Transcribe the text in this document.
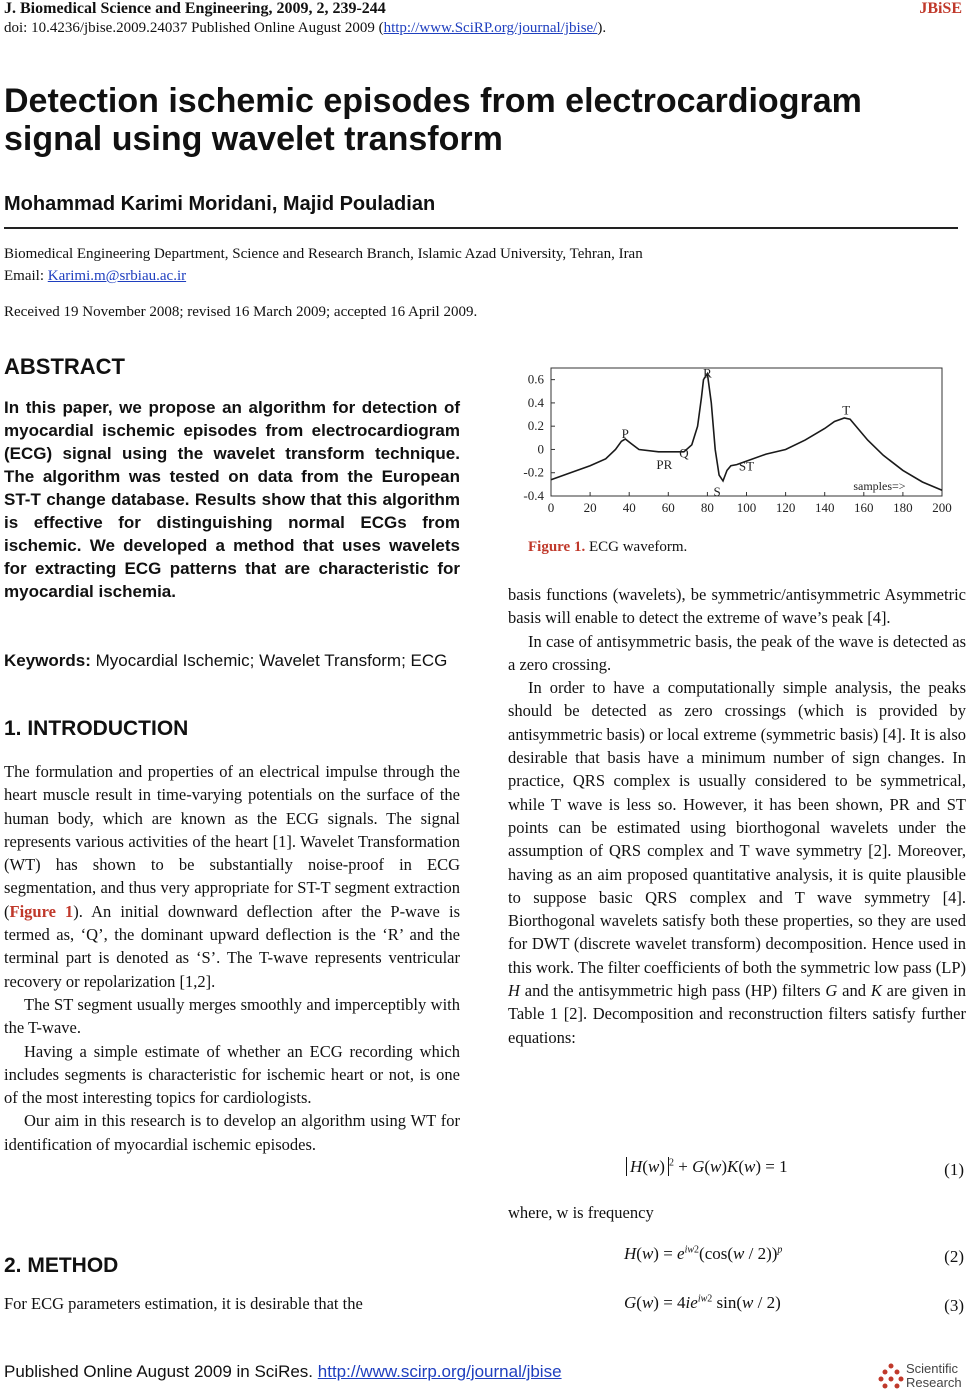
J. Biomedical Science and Engineering, 2009, 2, 239-244	JBiSE
doi: 10.4236/jbise.2009.24037 Published Online August 2009 (http://www.SciRP.org/journal/jbise/).
Detection ischemic episodes from electrocardiogram signal using wavelet transform
Mohammad Karimi Moridani, Majid Pouladian
Biomedical Engineering Department, Science and Research Branch, Islamic Azad University, Tehran, Iran
Email: Karimi.m@srbiau.ac.ir
Received 19 November 2008; revised 16 March 2009; accepted 16 April 2009.
ABSTRACT
In this paper, we propose an algorithm for detection of myocardial ischemic episodes from electrocardiogram (ECG) signal using the wavelet transform technique. The algorithm was tested on data from the European ST-T change database. Results show that this algorithm is effective for distinguishing normal ECGs from ischemic. We developed a method that uses wavelets for extracting ECG patterns that are characteristic for myocardial ischemia.
Keywords: Myocardial Ischemic; Wavelet Transform; ECG
1. INTRODUCTION

The formulation and properties of an electrical impulse through the heart muscle result in time-varying potentials on the surface of the human body, which are known as the ECG signals. The signal represents various activities of the heart [1]. Wavelet Transformation (WT) has shown to be substantially noise-proof in ECG segmentation, and thus very appropriate for ST-T segment extraction (Figure 1). An initial downward deflection after the P-wave is termed as, ‘Q’, the dominant upward deflection is the ‘R’ and the terminal part is denoted as ‘S’. The T-wave represents ventricular recovery or repolarization [1,2].

The ST segment usually merges smoothly and imperceptibly with the T-wave.

Having a simple estimate of whether an ECG recording which includes segments is characteristic for ischemic heart or not, is one of the most interesting topics for cardiologists.

Our aim in this research is to develop an algorithm using WT for identification of myocardial ischemic episodes.

2. METHOD
For ECG parameters estimation, it is desirable that the
0 20 40 60 80 100 120 140 160 180 200
0.6
0.4
0.2
0
-0.2
-0.4
P
PR
Q
R
S
ST
T
samples=>
Figure 1. ECG waveform.

basis functions (wavelets), be symmetric/antisymmetric Asymmetric basis will enable to detect the extreme of wave’s peak [4].

In case of antisymmetric basis, the peak of the wave is detected as a zero crossing.

In order to have a computationally simple analysis, the peaks should be detected as zero crossings (which is provided by antisymmetric basis) or local extreme (symmetric basis) [4]. It is also desirable that basis have a minimum number of sign changes. In practice, QRS complex is usually considered to be symmetrical, while T wave is less so. However, it has been shown, PR and ST points can be estimated using biorthogonal wavelets under the assumption of QRS complex and T wave symmetry [2]. Moreover, having as an aim proposed quantitative analysis, it is quite plausible to suppose basic QRS complex and T wave symmetry [4]. Biorthogonal wavelets satisfy both these properties, so they are used for DWT (discrete wavelet transform) decomposition. Hence used in this work. The filter coefficients of both the symmetric low pass (LP) H and the antisymmetric high pass (HP) filters G and K are given in Table 1 [2]. Decomposition and reconstruction filters satisfy further equations:

H(w) $^2$ + G(w)K(w) = 1	(1)
where, w is frequency
$H(w) = e^{iw2}(\cos(w / 2))^p$	(2)
$G(w) = 4ie^{iw2}$ sin(w / 2)	(3)
Published Online August 2009 in SciRes. http://www.scirp.org/journal/jbise	Scientific
Research
